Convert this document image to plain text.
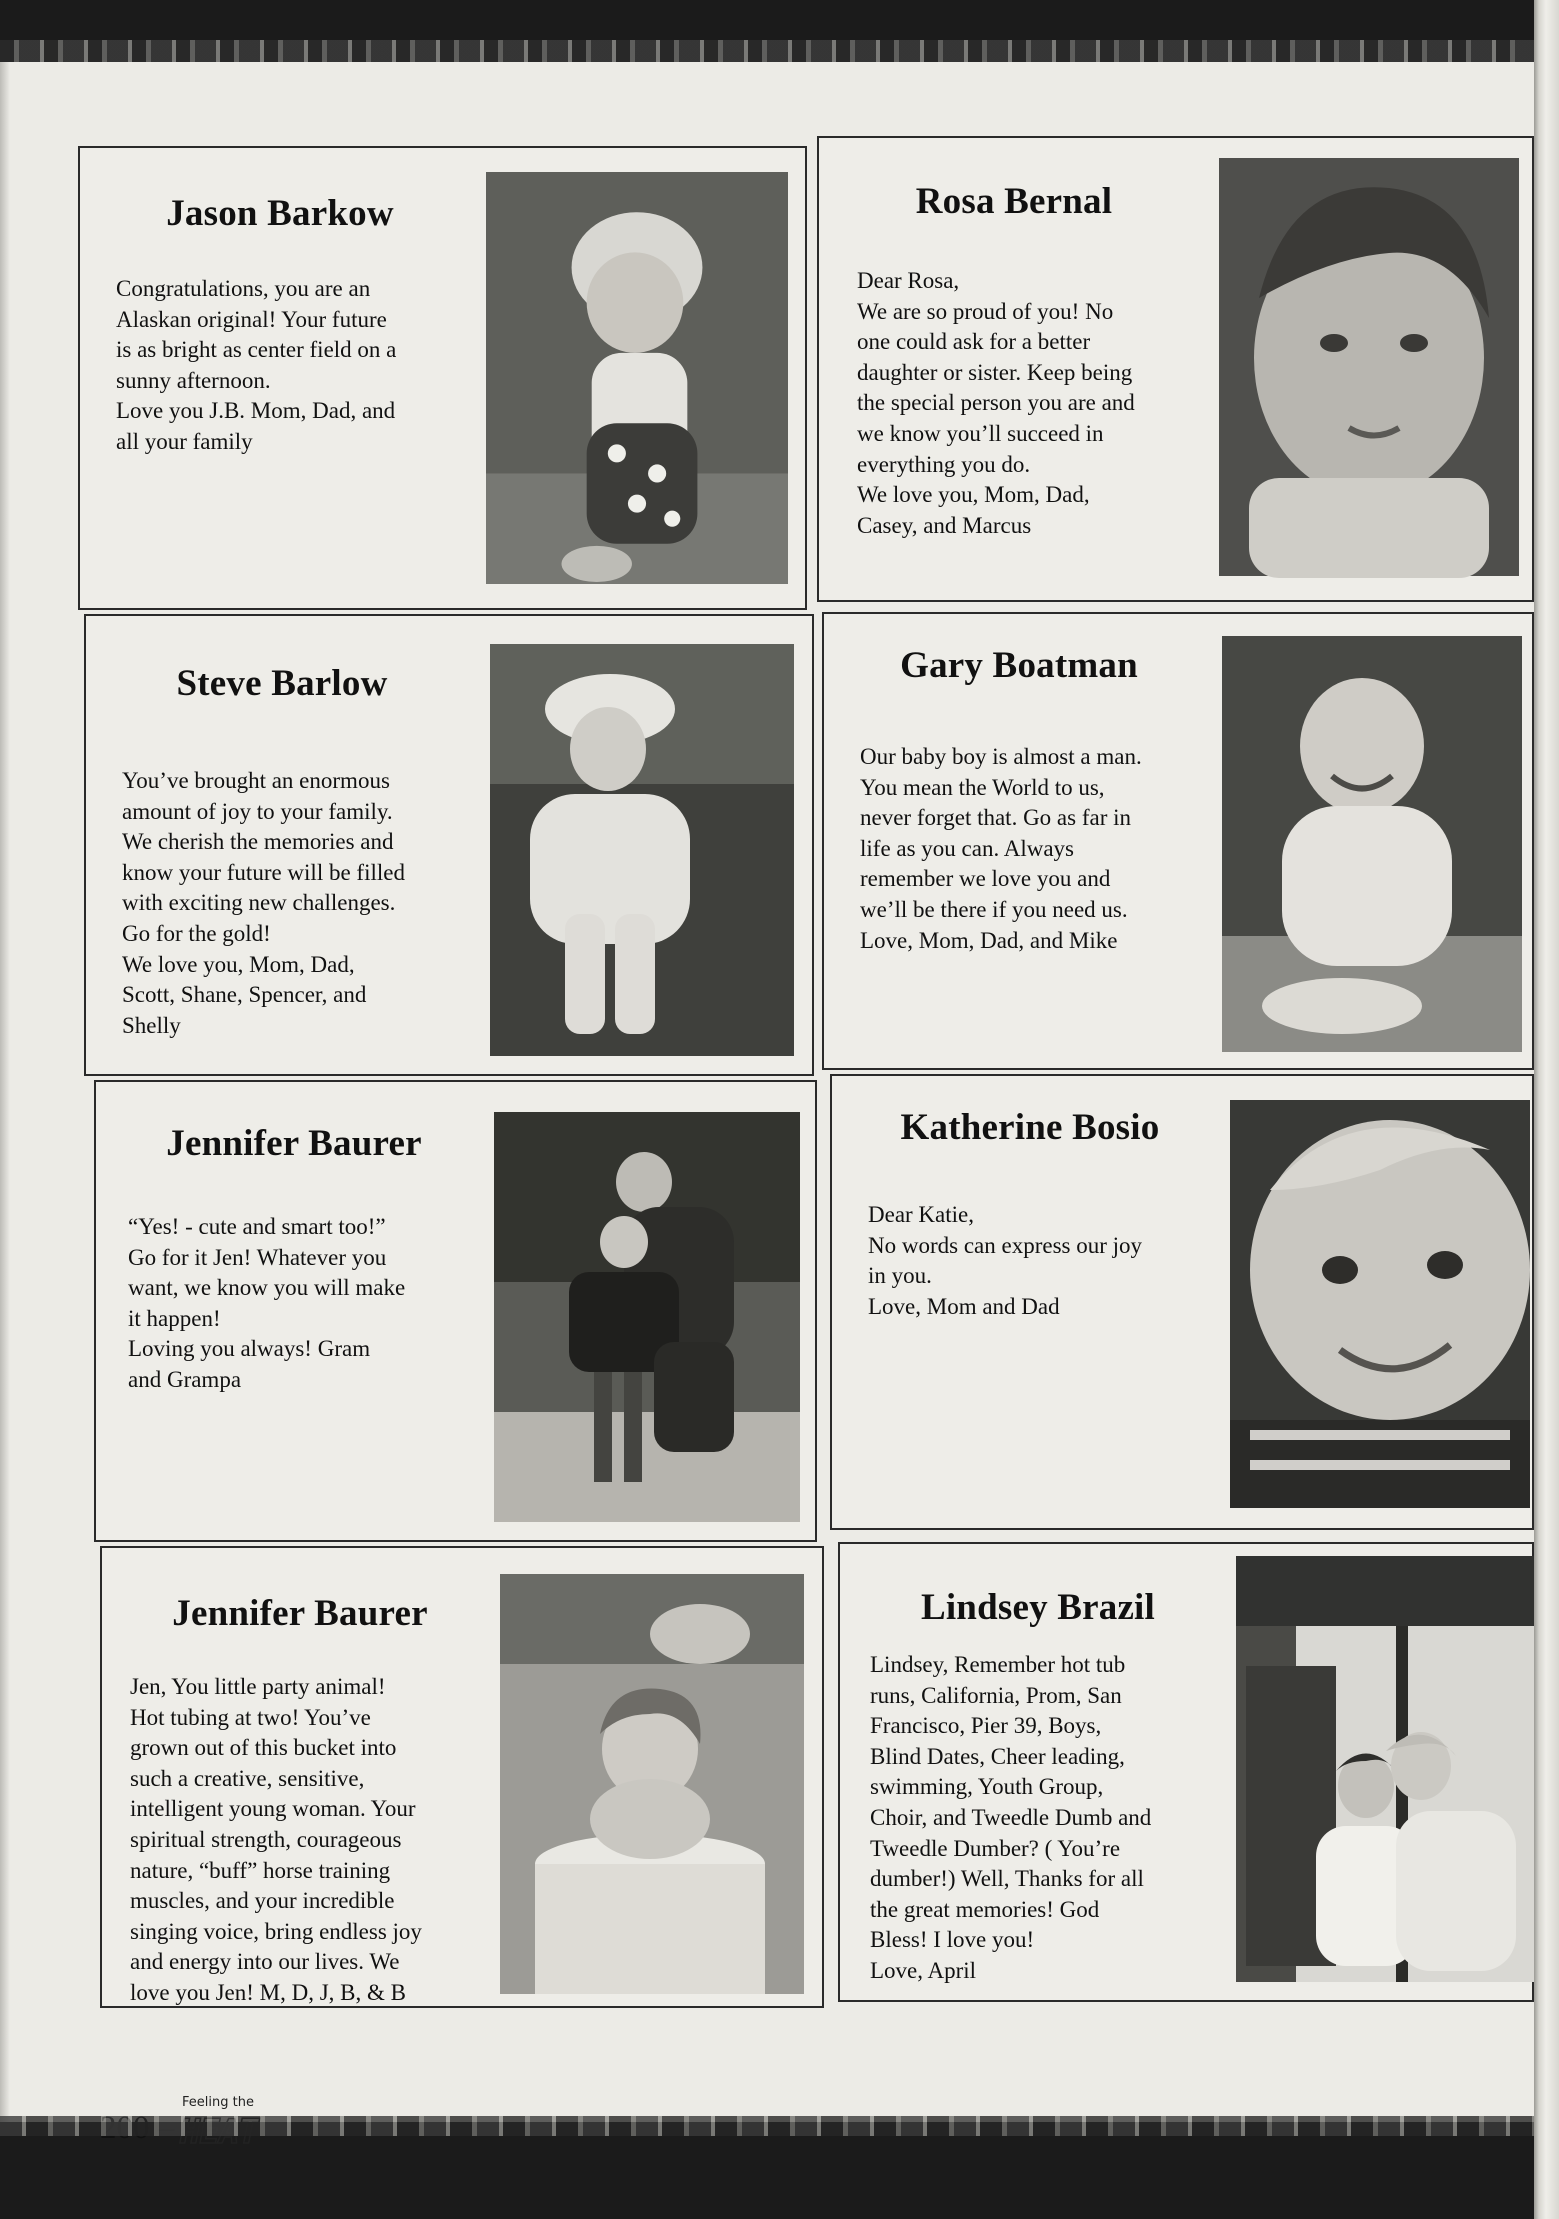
Jason Barkow

Congratulations, you are an
Alaskan original! Your future
is as bright as center field on a
sunny afternoon.
Love you J.B. Mom, Dad, and
all your family

Rosa Bernal

Dear Rosa,
We are so proud of you! No
one could ask for a better
daughter or sister. Keep being
the special person you are and
we know you’ll succeed in
everything you do.
We love you, Mom, Dad,
Casey, and Marcus

Steve Barlow

You’ve brought an enormous
amount of joy to your family.
We cherish the memories and
know your future will be filled
with exciting new challenges.
Go for the gold!
We love you, Mom, Dad,
Scott, Shane, Spencer, and
Shelly

Gary Boatman

Our baby boy is almost a man.
You mean the World to us,
never forget that. Go as far in
life as you can. Always
remember we love you and
we’ll be there if you need us.
Love, Mom, Dad, and Mike

Jennifer Baurer

“Yes! - cute and smart too!”
Go for it Jen! Whatever you
want, we know you will make
it happen!
Loving you always! Gram
and Grampa

Katherine Bosio

Dear Katie,
No words can express our joy
in you.
Love, Mom and Dad

Jennifer Baurer

Jen, You little party animal!
Hot tubing at two! You’ve
grown out of this bucket into
such a creative, sensitive,
intelligent young woman. Your
spiritual strength, courageous
nature, “buff” horse training
muscles, and your incredible
singing voice, bring endless joy
and energy into our lives. We
love you Jen! M, D, J, B, & B

Lindsey Brazil

Lindsey, Remember hot tub
runs, California, Prom, San
Francisco, Pier 39, Boys,
Blind Dates, Cheer leading,
swimming, Youth Group,
Choir, and Tweedle Dumb and
Tweedle Dumber? ( You’re
dumber!) Well, Thanks for all
the great memories! God
Bless! I love you!
Love, April

Feeling the
